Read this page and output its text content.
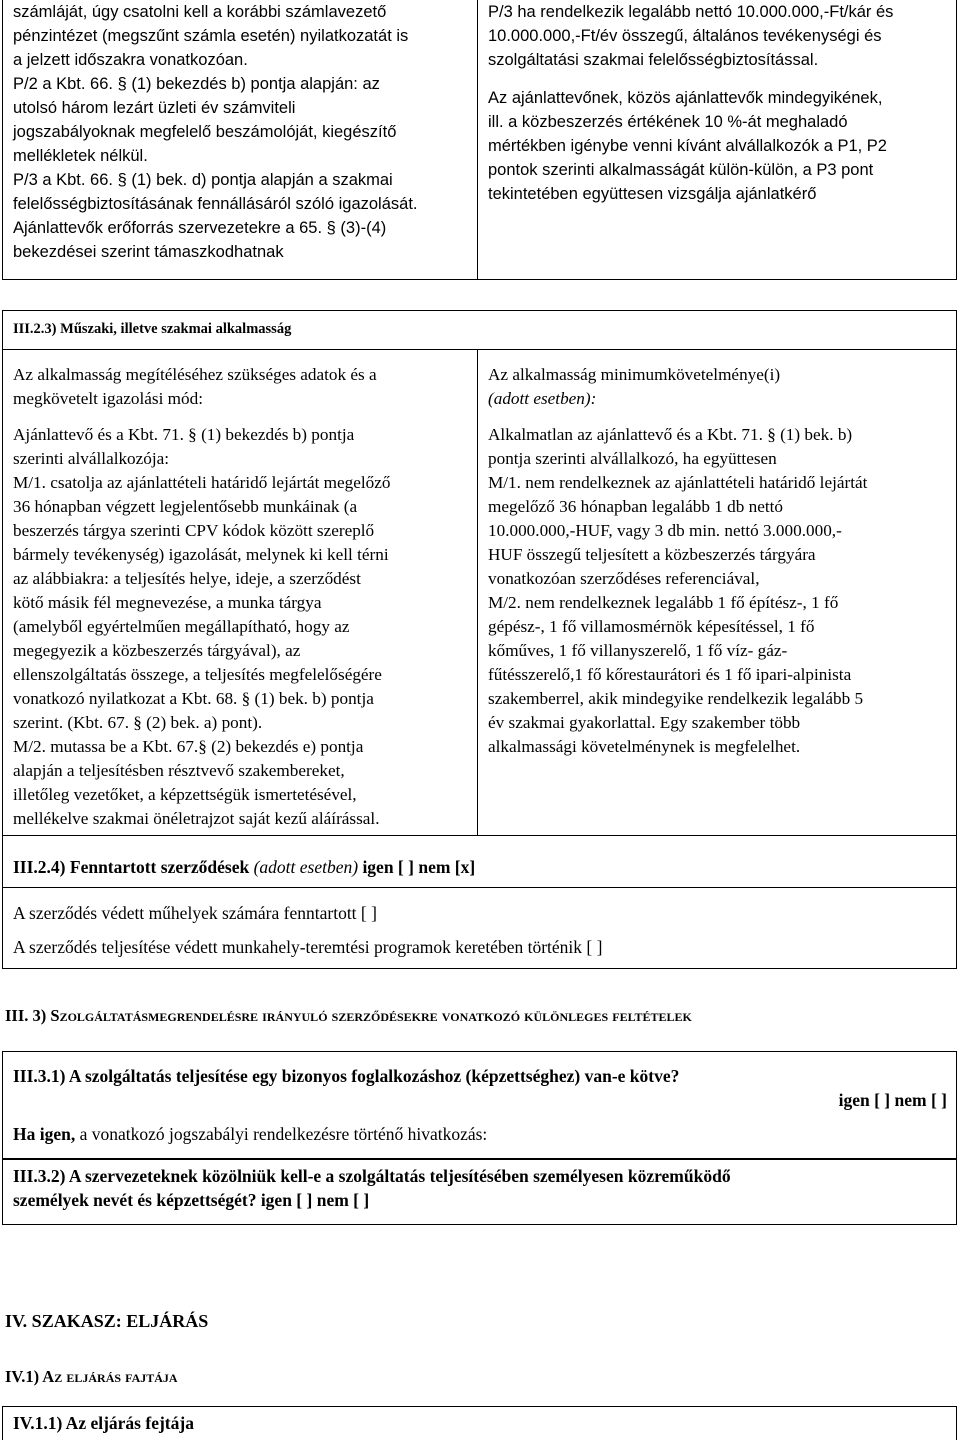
számláját, úgy csatolni kell a korábbi számlavezető
pénzintézet (megszűnt számla esetén) nyilatkozatát is
a jelzett időszakra vonatkozóan.
P/2 a Kbt. 66. § (1) bekezdés b) pontja alapján: az
utolsó három lezárt üzleti év számviteli
jogszabályoknak megfelelő beszámolóját, kiegészítő
mellékletek nélkül.
P/3 a Kbt. 66. § (1) bek. d) pontja alapján a szakmai
felelősségbiztosításának fennállásáról szóló igazolását.
Ajánlattevők erőforrás szervezetekre a 65. § (3)-(4)
bekezdései szerint támaszkodhatnak
P/3 ha rendelkezik legalább nettó 10.000.000,-Ft/kár és
10.000.000,-Ft/év összegű, általános tevékenységi és
szolgáltatási szakmai felelősségbiztosítással.
Az ajánlattevőnek, közös ajánlattevők mindegyikének,
ill. a közbeszerzés értékének 10 %-át meghaladó
mértékben igénybe venni kívánt alvállalkozók a P1, P2
pontok szerinti alkalmasságát külön-külön, a P3 pont
tekintetében együttesen vizsgálja ajánlatkérő
III.2.3) Műszaki, illetve szakmai alkalmasság
Az alkalmasság megítéléséhez szükséges adatok és a
megkövetelt igazolási mód:
Ajánlattevő és a Kbt. 71. § (1) bekezdés b) pontja
szerinti alvállalkozója:
M/1. csatolja az ajánlattételi határidő lejártát megelőző
36 hónapban végzett legjelentősebb munkáinak (a
beszerzés tárgya szerinti CPV kódok között szereplő
bármely tevékenység) igazolását, melynek ki kell térni
az alábbiakra: a teljesítés helye, ideje, a szerződést
kötő másik fél megnevezése, a munka tárgya
(amelyből egyértelműen megállapítható, hogy az
megegyezik a közbeszerzés tárgyával), az
ellenszolgáltatás összege, a teljesítés megfelelőségére
vonatkozó nyilatkozat a Kbt. 68. § (1) bek. b) pontja
szerint. (Kbt. 67. § (2) bek. a) pont).
M/2. mutassa be a Kbt. 67.§ (2) bekezdés e) pontja
alapján a teljesítésben résztvevő szakembereket,
illetőleg vezetőket, a képzettségük ismertetésével,
mellékelve szakmai önéletrajzot saját kezű aláírással.
Az alkalmasság minimumkövetelménye(i)
(adott esetben):
Alkalmatlan az ajánlattevő és a Kbt. 71. § (1) bek. b)
pontja szerinti alvállalkozó, ha együttesen
M/1. nem rendelkeznek az ajánlattételi határidő lejártát
megelőző 36 hónapban legalább 1 db nettó
10.000.000,-HUF, vagy 3 db min. nettó 3.000.000,-
HUF összegű teljesített a közbeszerzés tárgyára
vonatkozóan szerződéses referenciával,
M/2. nem rendelkeznek legalább 1 fő építész-, 1 fő
gépész-, 1 fő villamosmérnök képesítéssel, 1 fő
kőműves, 1 fő villanyszerelő, 1 fő víz- gáz-
fűtésszerelő,1 fő kőrestaurátori és 1 fő ipari-alpinista
szakemberrel, akik mindegyike rendelkezik legalább 5
év szakmai gyakorlattal. Egy szakember több
alkalmassági követelménynek is megfelelhet.
III.2.4) Fenntartott szerződések (adott esetben) igen [ ] nem [x]
A szerződés védett műhelyek számára fenntartott [ ]
A szerződés teljesítése védett munkahely-teremtési programok keretében történik [ ]
III. 3) Szolgáltatásmegrendelésre irányuló szerződésekre vonatkozó különleges feltételek
III.3.1) A szolgáltatás teljesítése egy bizonyos foglalkozáshoz (képzettséghez) van-e kötve?
igen [ ] nem [ ]
Ha igen, a vonatkozó jogszabályi rendelkezésre történő hivatkozás:
III.3.2) A szervezeteknek közölniük kell-e a szolgáltatás teljesítésében személyesen közreműködő
személyek nevét és képzettségét? igen [ ] nem [ ]
IV. SZAKASZ: ELJÁRÁS
IV.1) Az eljárás fajtája
IV.1.1) Az eljárás fejtája
